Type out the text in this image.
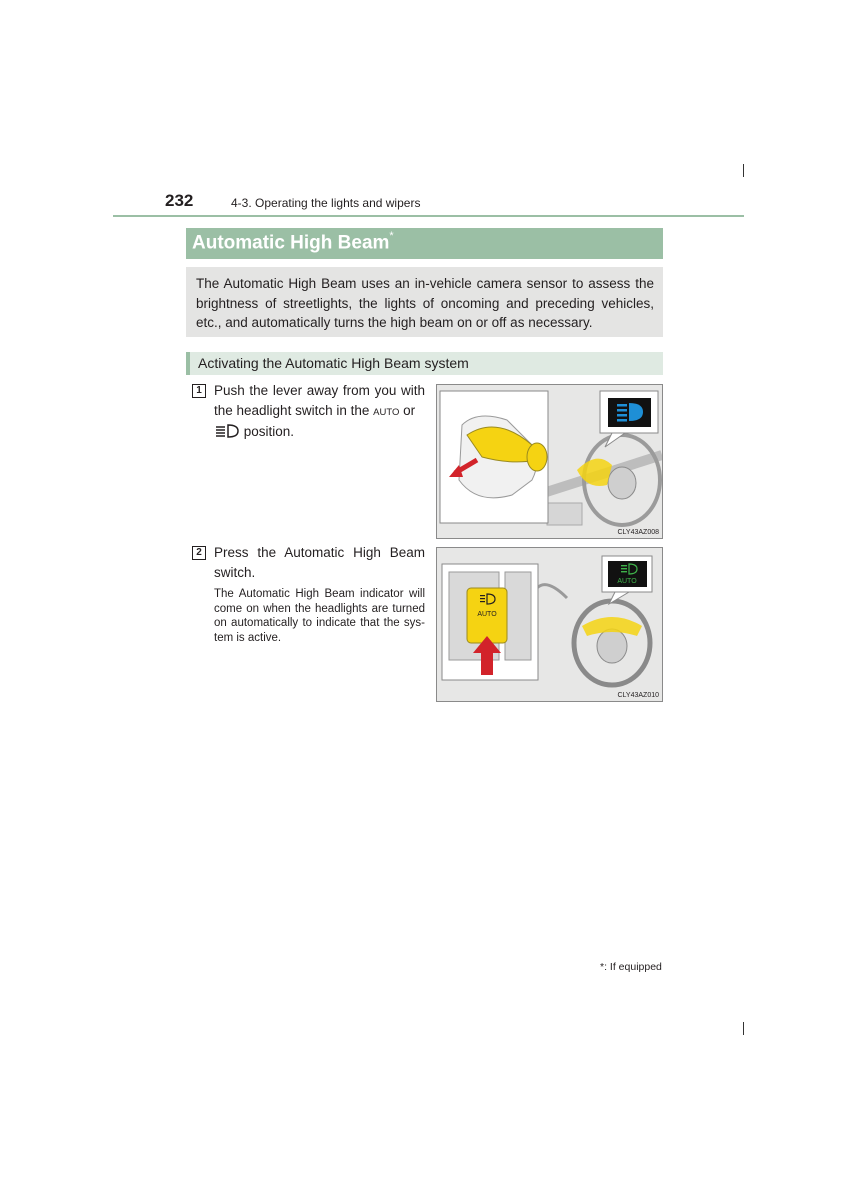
232	4-3. Operating the lights and wipers
Automatic High Beam*
The Automatic High Beam uses an in-vehicle camera sensor to assess the brightness of streetlights, the lights of oncoming and preceding vehicles, etc., and automatically turns the high beam on or off as necessary.
Activating the Automatic High Beam system
1 Push the lever away from you with the headlight switch in the AUTO or
position.
CLY43AZ008
2 Press the Automatic High Beam switch.
The Automatic High Beam indicator will come on when the headlights are turned on automatically to indicate that the sys- tem is active.
AUTO
AUTO
CLY43AZ010
*: If equipped
